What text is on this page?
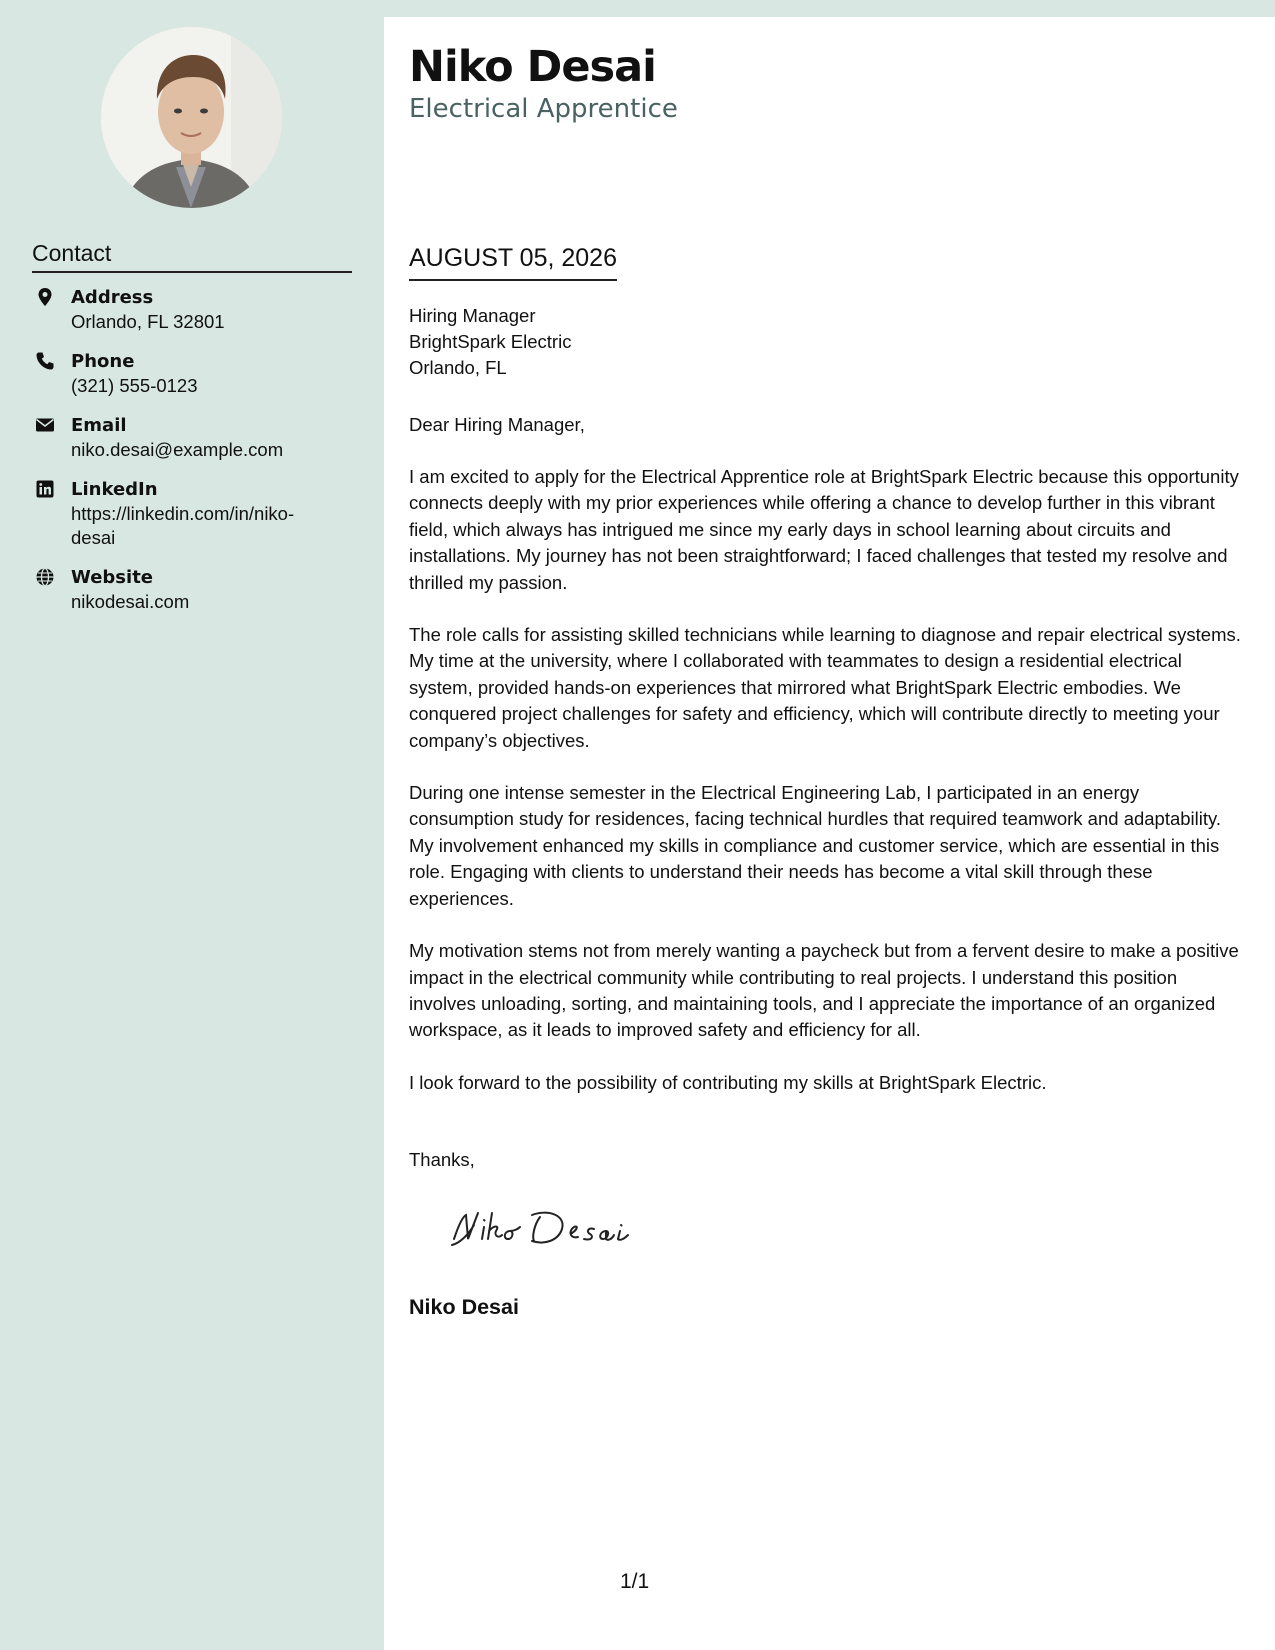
Contact
Address
Orlando, FL 32801
Phone
(321) 555-0123
Email
niko.desai@example.com
LinkedIn
https://linkedin.com/in/niko-desai
Website
nikodesai.com
Niko Desai
Electrical Apprentice
AUGUST 05, 2026
Hiring Manager
BrightSpark Electric
Orlando, FL
Dear Hiring Manager,

I am excited to apply for the Electrical Apprentice role at BrightSpark Electric because this opportunity connects deeply with my prior experiences while offering a chance to develop further in this vibrant field, which always has intrigued me since my early days in school learning about circuits and installations. My journey has not been straightforward; I faced challenges that tested my resolve and thrilled my passion.

The role calls for assisting skilled technicians while learning to diagnose and repair electrical systems. My time at the university, where I collaborated with teammates to design a residential electrical system, provided hands-on experiences that mirrored what BrightSpark Electric embodies. We conquered project challenges for safety and efficiency, which will contribute directly to meeting your company’s objectives.

During one intense semester in the Electrical Engineering Lab, I participated in an energy consumption study for residences, facing technical hurdles that required teamwork and adaptability. My involvement enhanced my skills in compliance and customer service, which are essential in this role. Engaging with clients to understand their needs has become a vital skill through these experiences.

My motivation stems not from merely wanting a paycheck but from a fervent desire to make a positive impact in the electrical community while contributing to real projects. I understand this position involves unloading, sorting, and maintaining tools, and I appreciate the importance of an organized workspace, as it leads to improved safety and efficiency for all.

I look forward to the possibility of contributing my skills at BrightSpark Electric.

Thanks,
Niko Desai
1/1
